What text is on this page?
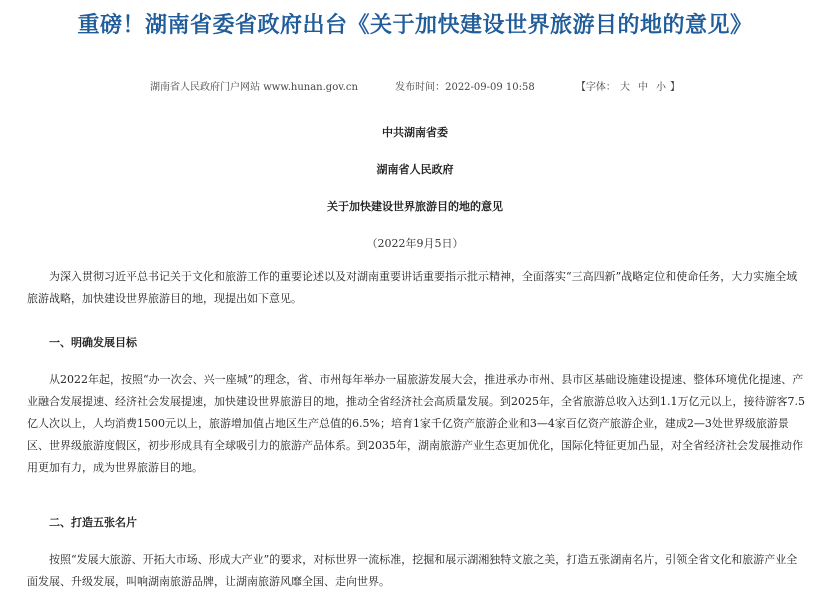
重磅！湖南省委省政府出台《关于加快建设世界旅游目的地的意见》
湖南省人民政府门户网站 www.hunan.gov.cn	发布时间：2022-09-09 10:58	【字体： 大 中 小 】
中共湖南省委
湖南省人民政府
关于加快建设世界旅游目的地的意见
（2022年9月5日）

为深入贯彻习近平总书记关于文化和旅游工作的重要论述以及对湖南重要讲话重要指示批示精神，全面落实“三高四新”战略定位和使命任务，大力实施全域旅游战略，加快建设世界旅游目的地，现提出如下意见。

一、明确发展目标

从2022年起，按照“办一次会、兴一座城”的理念，省、市州每年举办一届旅游发展大会，推进承办市州、县市区基础设施建设提速、整体环境优化提速、产业融合发展提速、经济社会发展提速，加快建设世界旅游目的地，推动全省经济社会高质量发展。到2025年，全省旅游总收入达到1.1万亿元以上，接待游客7.5亿人次以上，人均消费1500元以上，旅游增加值占地区生产总值的6.5%；培育1家千亿资产旅游企业和3—4家百亿资产旅游企业，建成2—3处世界级旅游景区、世界级旅游度假区，初步形成具有全球吸引力的旅游产品体系。到2035年，湖南旅游产业生态更加优化，国际化特征更加凸显，对全省经济社会发展推动作用更加有力，成为世界旅游目的地。

二、打造五张名片

按照“发展大旅游、开拓大市场、形成大产业”的要求，对标世界一流标准，挖掘和展示湖湘独特文旅之美，打造五张湖南名片，引领全省文化和旅游产业全面发展、升级发展，叫响湖南旅游品牌，让湖南旅游风靡全国、走向世界。
